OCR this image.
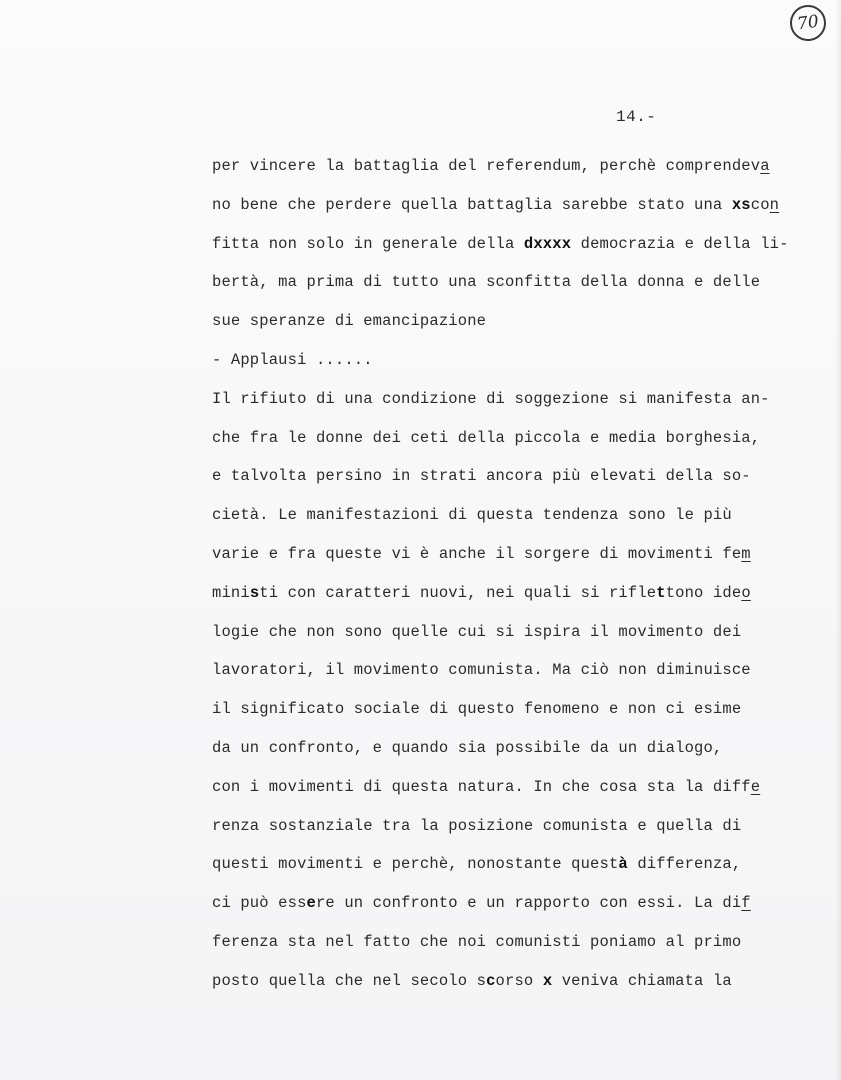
70
14.-
per vincere la battaglia del referendum, perchè comprendeva
no bene che perdere quella battaglia sarebbe stato una xscon
fitta non solo in generale della dxxxx democrazia e della li-
bertà, ma prima di tutto una sconfitta della donna e delle
sue speranze di emancipazione
- Applausi ......
Il rifiuto di una condizione di soggezione si manifesta an-
che fra le donne dei ceti della piccola e media borghesia,
e talvolta persino in strati ancora più elevati della so-
cietà. Le manifestazioni di questa tendenza sono le più
varie e fra queste vi è anche il sorgere di movimenti fem
ministi con caratteri nuovi, nei quali si riflettono ideo
logie che non sono quelle cui si ispira il movimento dei
lavoratori, il movimento comunista. Ma ciò non diminuisce
il significato sociale di questo fenomeno e non ci esime
da un confronto, e quando sia possibile da un dialogo,
con i movimenti di questa natura. In che cosa sta la diffe
renza sostanziale tra la posizione comunista e quella di
questi movimenti e perchè, nonostante questà differenza,
ci può essere un confronto e un rapporto con essi. La dif
ferenza sta nel fatto che noi comunisti poniamo al primo
posto quella che nel secolo scorso x veniva chiamata la
